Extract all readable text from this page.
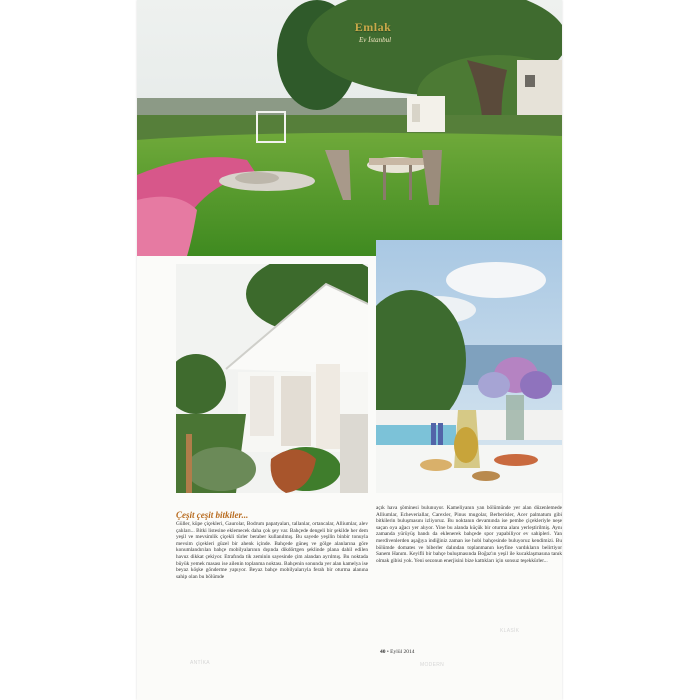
Emlak
Ev İstanbul
Çeşit çeşit bitkiler...

Güller, küpe çiçekleri, Gaurolar, Bodrum papatyaları, tallanlar, ortancalar, Alliumlar, alev çalıları... Bitki listesine eklemecek daha çok şey var. Bahçede dengeli bir şekilde her dem yeşil ve mevsimlik çiçekli türler beraber kullanılmış. Bu sayede yeşilin binbir tonuyla mevsim çiçekleri güzel bir ahenk içinde. Bahçede güneş ve gölge alanlarına göre konumlandırılan bahçe mobilyalarının dışında dikdörtgen şeklinde plana dahil edilen havuz dikkat çekiyor. Etrafında tik zeminin sayesinde çim alandan ayrılmış. Bu noktada büyük yemek masası ise ailenin toplanma noktası. Bahçenin sonunda yer alan kamelya ise beyaz köşke gönderme yapıyor. Beyaz bahçe mobilyalarıyla ferah bir oturma alanına sahip olan bu bölümde

açık hava şöminesi bulunuyor. Kameliyanın yan bölümünde yer alan düzenlemede Alliumlar, Echeveriallar, Carexler, Pinus mugolar, Berberisler, Acer palmatum gibi bitkilerin buluşmasını izliyoruz. Bu noktanın devamında ise pembe çiçekleriyle neşe saçan oya ağacı yer alıyor. Yine bu alanda küçük bir oturma alanı yerleştirilmiş. Aynı zamanda yürüyüş bandı da eklenerek bahçede spor yapabiliyor ev sahipleri. Yan merdivenlerden aşağıya indiğiniz zaman ise hobi bahçesinde buluyoruz kendimizi. Bu bölümde domates ve biberler dalından toplanmanın keyfine vardıkların belirtiyor Sanem Hanım. Keyifli bir bahçe buluşmasında Boğaz'ın yeşil ile kucaklaşmasına tanık olmak gibisi yok. Yeni sezonun enerjisini bize kattıkları için sonsuz teşekkürler...

ANTİKA	MODERN
KLASİK
40 • Eylül 2014
